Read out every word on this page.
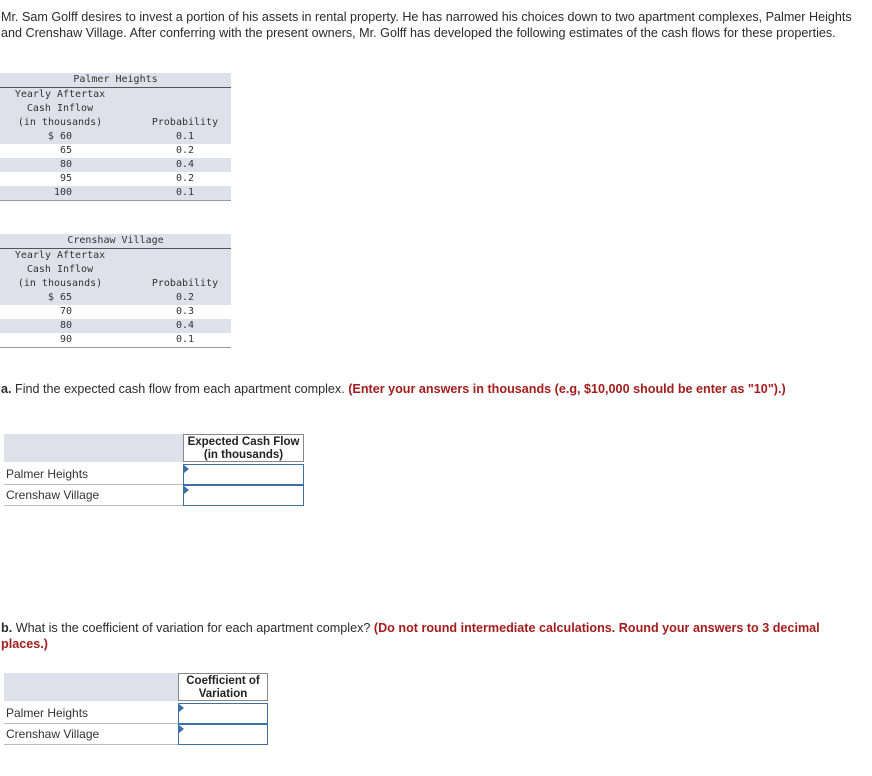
Mr. Sam Golff desires to invest a portion of his assets in rental property. He has narrowed his choices down to two apartment complexes, Palmer Heights and Crenshaw Village. After conferring with the present owners, Mr. Golff has developed the following estimates of the cash flows for these properties.
Palmer Heights
Yearly Aftertax
Cash Inflow
(in thousands)	Probability
$ 60	0.1
65	0.2
80	0.4
95	0.2
100	0.1
Crenshaw Village
Yearly Aftertax
Cash Inflow
(in thousands)	Probability
$ 65	0.2
70	0.3
80	0.4
90	0.1
a. Find the expected cash flow from each apartment complex. (Enter your answers in thousands (e.g, $10,000 should be enter as "10").)
Expected Cash Flow
(in thousands)
Palmer Heights
Crenshaw Village
b. What is the coefficient of variation for each apartment complex? (Do not round intermediate calculations. Round your answers to 3 decimal places.)
Coefficient of
Variation
Palmer Heights
Crenshaw Village
